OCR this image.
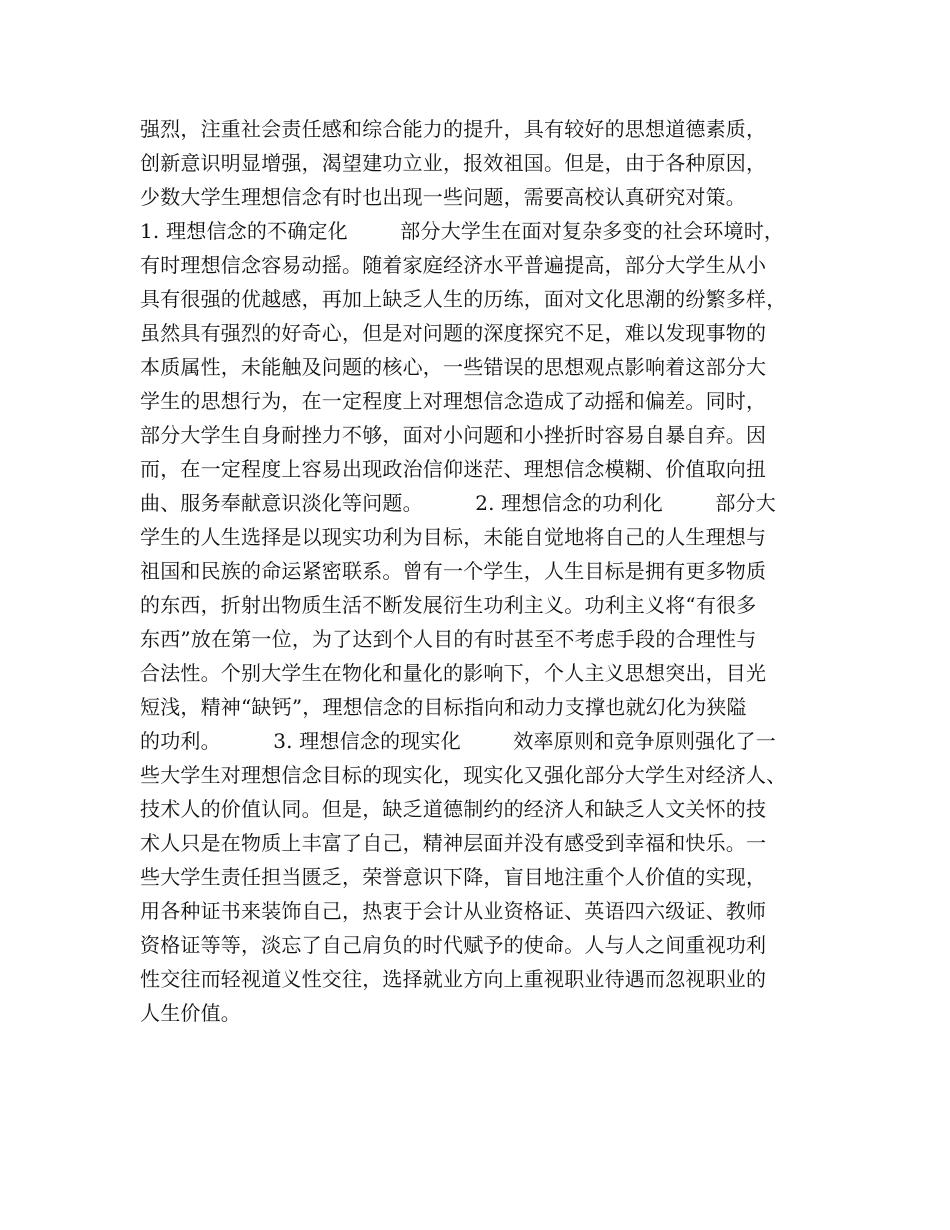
强烈，注重社会责任感和综合能力的提升，具有较好的思想道德素质，
创新意识明显增强，渴望建功立业，报效祖国。但是，由于各种原因，
少数大学生理想信念有时也出现一些问题，需要高校认真研究对策。
1. 理想信念的不确定化        部分大学生在面对复杂多变的社会环境时，
有时理想信念容易动摇。随着家庭经济水平普遍提高，部分大学生从小
具有很强的优越感，再加上缺乏人生的历练，面对文化思潮的纷繁多样，
虽然具有强烈的好奇心，但是对问题的深度探究不足，难以发现事物的
本质属性，未能触及问题的核心，一些错误的思想观点影响着这部分大
学生的思想行为，在一定程度上对理想信念造成了动摇和偏差。同时，
部分大学生自身耐挫力不够，面对小问题和小挫折时容易自暴自弃。因
而，在一定程度上容易出现政治信仰迷茫、理想信念模糊、价值取向扭
曲、服务奉献意识淡化等问题。        2. 理想信念的功利化        部分大
学生的人生选择是以现实功利为目标，未能自觉地将自己的人生理想与
祖国和民族的命运紧密联系。曾有一个学生，人生目标是拥有更多物质
的东西，折射出物质生活不断发展衍生功利主义。功利主义将“有很多
东西”放在第一位，为了达到个人目的有时甚至不考虑手段的合理性与
合法性。个别大学生在物化和量化的影响下，个人主义思想突出，目光
短浅，精神“缺钙”，理想信念的目标指向和动力支撑也就幻化为狭隘
的功利。        3. 理想信念的现实化        效率原则和竞争原则强化了一
些大学生对理想信念目标的现实化，现实化又强化部分大学生对经济人、
技术人的价值认同。但是，缺乏道德制约的经济人和缺乏人文关怀的技
术人只是在物质上丰富了自己，精神层面并没有感受到幸福和快乐。一
些大学生责任担当匮乏，荣誉意识下降，盲目地注重个人价值的实现，
用各种证书来装饰自己，热衷于会计从业资格证、英语四六级证、教师
资格证等等，淡忘了自己肩负的时代赋予的使命。人与人之间重视功利
性交往而轻视道义性交往，选择就业方向上重视职业待遇而忽视职业的
人生价值。
